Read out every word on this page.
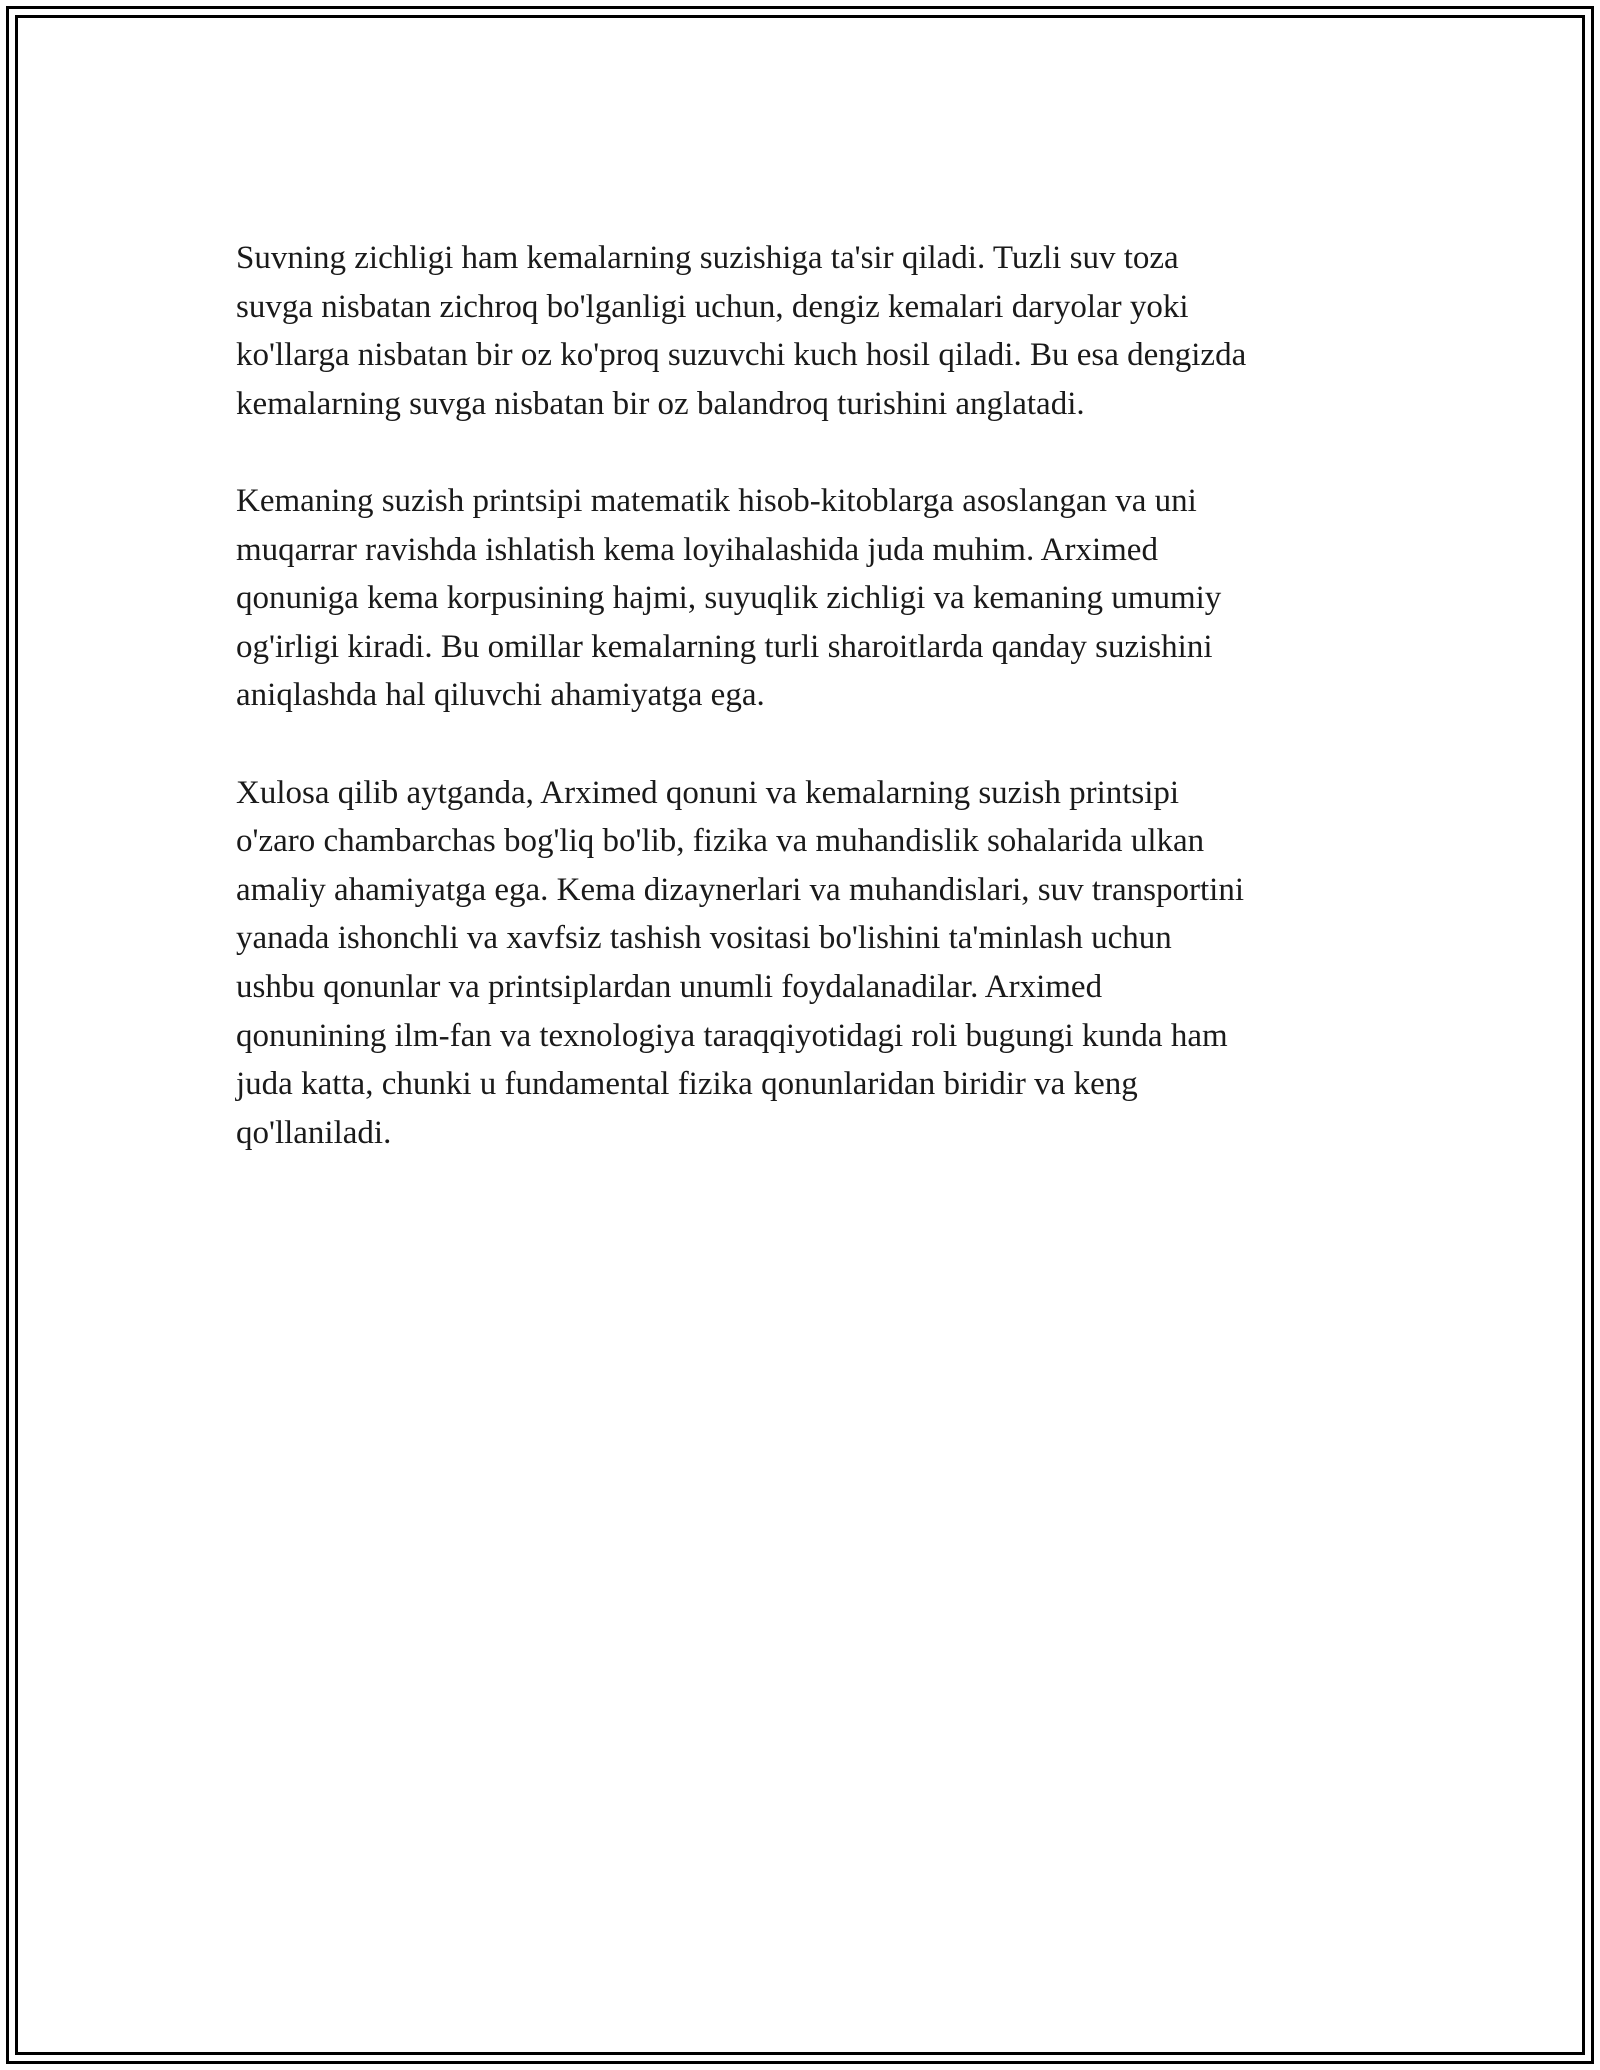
Suvning zichligi ham kemalarning suzishiga ta'sir qiladi. Tuzli suv toza
suvga nisbatan zichroq bo'lganligi uchun, dengiz kemalari daryolar yoki
ko'llarga nisbatan bir oz ko'proq suzuvchi kuch hosil qiladi. Bu esa dengizda
kemalarning suvga nisbatan bir oz balandroq turishini anglatadi.

Kemaning suzish printsipi matematik hisob-kitoblarga asoslangan va uni
muqarrar ravishda ishlatish kema loyihalashida juda muhim. Arximed
qonuniga kema korpusining hajmi, suyuqlik zichligi va kemaning umumiy
og'irligi kiradi. Bu omillar kemalarning turli sharoitlarda qanday suzishini
aniqlashda hal qiluvchi ahamiyatga ega.

Xulosa qilib aytganda, Arximed qonuni va kemalarning suzish printsipi
o'zaro chambarchas bog'liq bo'lib, fizika va muhandislik sohalarida ulkan
amaliy ahamiyatga ega. Kema dizaynerlari va muhandislari, suv transportini
yanada ishonchli va xavfsiz tashish vositasi bo'lishini ta'minlash uchun
ushbu qonunlar va printsiplardan unumli foydalanadilar. Arximed
qonunining ilm-fan va texnologiya taraqqiyotidagi roli bugungi kunda ham
juda katta, chunki u fundamental fizika qonunlaridan biridir va keng
qo'llaniladi.
